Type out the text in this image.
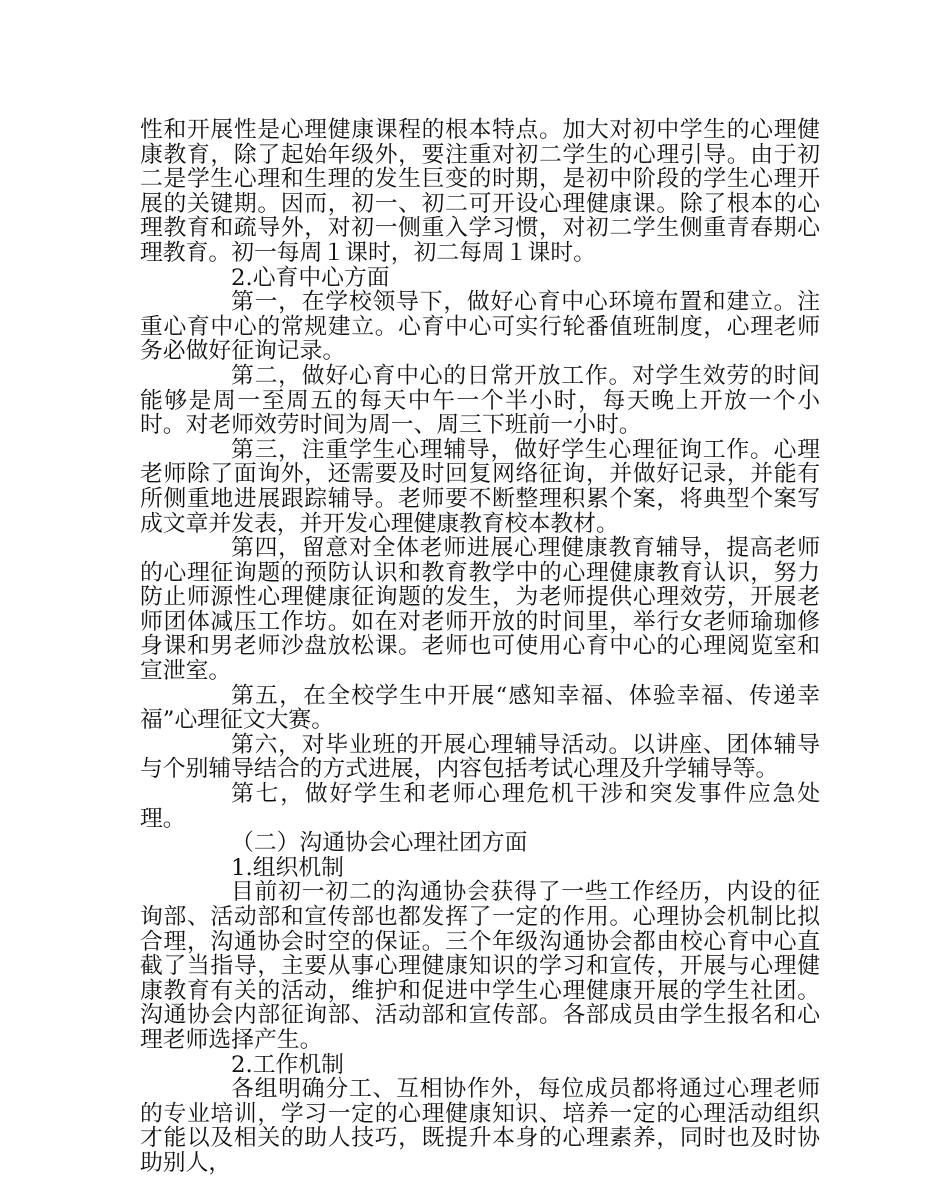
性和开展性是心理健康课程的根本特点。加大对初中学生的心理健康教育，除了起始年级外，要注重对初二学生的心理引导。由于初二是学生心理和生理的发生巨变的时期，是初中阶段的学生心理开展的关键期。因而，初一、初二可开设心理健康课。除了根本的心理教育和疏导外，对初一侧重入学习惯，对初二学生侧重青春期心理教育。初一每周１课时，初二每周１课时。

2.心育中心方面

第一，在学校领导下，做好心育中心环境布置和建立。注重心育中心的常规建立。心育中心可实行轮番值班制度，心理老师务必做好征询记录。

第二，做好心育中心的日常开放工作。对学生效劳的时间能够是周一至周五的每天中午一个半小时，每天晚上开放一个小时。对老师效劳时间为周一、周三下班前一小时。

第三，注重学生心理辅导，做好学生心理征询工作。心理老师除了面询外，还需要及时回复网络征询，并做好记录，并能有所侧重地进展跟踪辅导。老师要不断整理积累个案，将典型个案写成文章并发表，并开发心理健康教育校本教材。

第四，留意对全体老师进展心理健康教育辅导，提高老师的心理征询题的预防认识和教育教学中的心理健康教育认识，努力防止师源性心理健康征询题的发生，为老师提供心理效劳，开展老师团体减压工作坊。如在对老师开放的时间里，举行女老师瑜珈修身课和男老师沙盘放松课。老师也可使用心育中心的心理阅览室和宣泄室。

第五，在全校学生中开展“感知幸福、体验幸福、传递幸福”心理征文大赛。

第六，对毕业班的开展心理辅导活动。以讲座、团体辅导与个别辅导结合的方式进展，内容包括考试心理及升学辅导等。

第七，做好学生和老师心理危机干涉和突发事件应急处理。

（二）沟通协会心理社团方面

1.组织机制

目前初一初二的沟通协会获得了一些工作经历，内设的征询部、活动部和宣传部也都发挥了一定的作用。心理协会机制比拟合理，沟通协会时空的保证。三个年级沟通协会都由校心育中心直截了当指导，主要从事心理健康知识的学习和宣传，开展与心理健康教育有关的活动，维护和促进中学生心理健康开展的学生社团。沟通协会内部征询部、活动部和宣传部。各部成员由学生报名和心理老师选择产生。

2.工作机制

各组明确分工、互相协作外，每位成员都将通过心理老师的专业培训，学习一定的心理健康知识、培养一定的心理活动组织才能以及相关的助人技巧，既提升本身的心理素养，同时也及时协助别人，
